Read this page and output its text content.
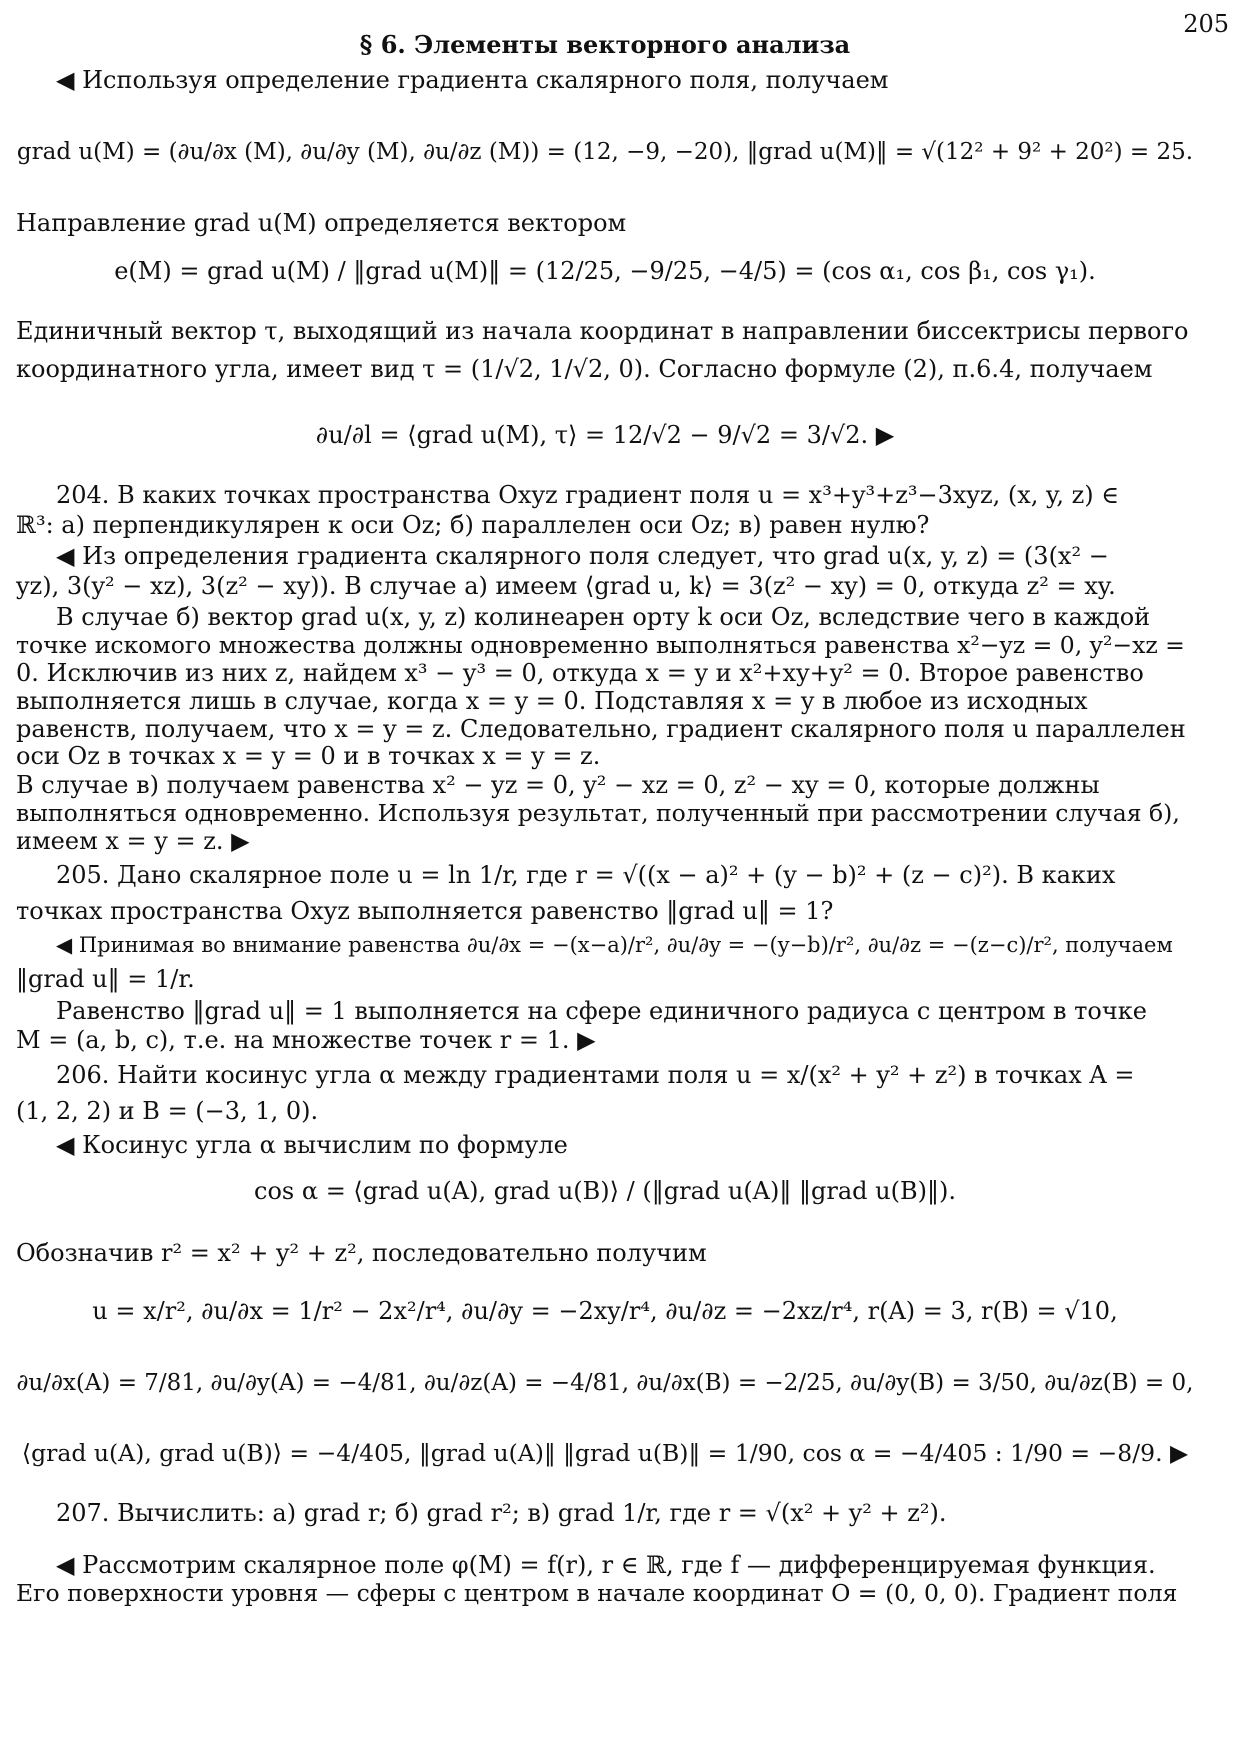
205
§ 6. Элементы векторного анализа
◀ Используя определение градиента скалярного поля, получаем
grad u(M) = (∂u/∂x (M), ∂u/∂y (M), ∂u/∂z (M)) = (12, −9, −20), ‖grad u(M)‖ = √(12² + 9² + 20²) = 25.
Направление grad u(M) определяется вектором
e(M) = grad u(M) / ‖grad u(M)‖ = (12/25, −9/25, −4/5) = (cos α₁, cos β₁, cos γ₁).
Единичный вектор τ, выходящий из начала координат в направлении биссектрисы первого
координатного угла, имеет вид τ = (1/√2, 1/√2, 0). Согласно формуле (2), п.6.4, получаем
∂u/∂l = ⟨grad u(M), τ⟩ = 12/√2 − 9/√2 = 3/√2. ▶
204. В каких точках пространства Oxyz градиент поля u = x³+y³+z³−3xyz, (x, y, z) ∈
ℝ³: а) перпендикулярен к оси Oz; б) параллелен оси Oz; в) равен нулю?
◀ Из определения градиента скалярного поля следует, что grad u(x, y, z) = (3(x² −
yz), 3(y² − xz), 3(z² − xy)). В случае а) имеем ⟨grad u, k⟩ = 3(z² − xy) = 0, откуда z² = xy.
В случае б) вектор grad u(x, y, z) колинеарен орту k оси Oz, вследствие чего в каждой
точке искомого множества должны одновременно выполняться равенства x²−yz = 0, y²−xz =
0. Исключив из них z, найдем x³ − y³ = 0, откуда x = y и x²+xy+y² = 0. Второе равенство
выполняется лишь в случае, когда x = y = 0. Подставляя x = y в любое из исходных
равенств, получаем, что x = y = z. Следовательно, градиент скалярного поля u параллелен
оси Oz в точках x = y = 0 и в точках x = y = z.
В случае в) получаем равенства x² − yz = 0, y² − xz = 0, z² − xy = 0, которые должны
выполняться одновременно. Используя результат, полученный при рассмотрении случая б),
имеем x = y = z. ▶
205. Дано скалярное поле u = ln 1/r, где r = √((x − a)² + (y − b)² + (z − c)²). В каких
точках пространства Oxyz выполняется равенство ‖grad u‖ = 1?
◀ Принимая во внимание равенства ∂u/∂x = −(x−a)/r², ∂u/∂y = −(y−b)/r², ∂u/∂z = −(z−c)/r², получаем
‖grad u‖ = 1/r.
Равенство ‖grad u‖ = 1 выполняется на сфере единичного радиуса с центром в точке
M = (a, b, c), т.е. на множестве точек r = 1. ▶
206. Найти косинус угла α между градиентами поля u = x/(x² + y² + z²) в точках A =
(1, 2, 2) и B = (−3, 1, 0).
◀ Косинус угла α вычислим по формуле
cos α = ⟨grad u(A), grad u(B)⟩ / (‖grad u(A)‖ ‖grad u(B)‖).
Обозначив r² = x² + y² + z², последовательно получим
u = x/r², ∂u/∂x = 1/r² − 2x²/r⁴, ∂u/∂y = −2xy/r⁴, ∂u/∂z = −2xz/r⁴, r(A) = 3, r(B) = √10,
∂u/∂x(A) = 7/81, ∂u/∂y(A) = −4/81, ∂u/∂z(A) = −4/81, ∂u/∂x(B) = −2/25, ∂u/∂y(B) = 3/50, ∂u/∂z(B) = 0,
⟨grad u(A), grad u(B)⟩ = −4/405, ‖grad u(A)‖ ‖grad u(B)‖ = 1/90, cos α = −4/405 : 1/90 = −8/9. ▶
207. Вычислить: а) grad r; б) grad r²; в) grad 1/r, где r = √(x² + y² + z²).
◀ Рассмотрим скалярное поле φ(M) = f(r), r ∈ ℝ, где f — дифференцируемая функция.
Его поверхности уровня — сферы с центром в начале координат O = (0, 0, 0). Градиент поля
